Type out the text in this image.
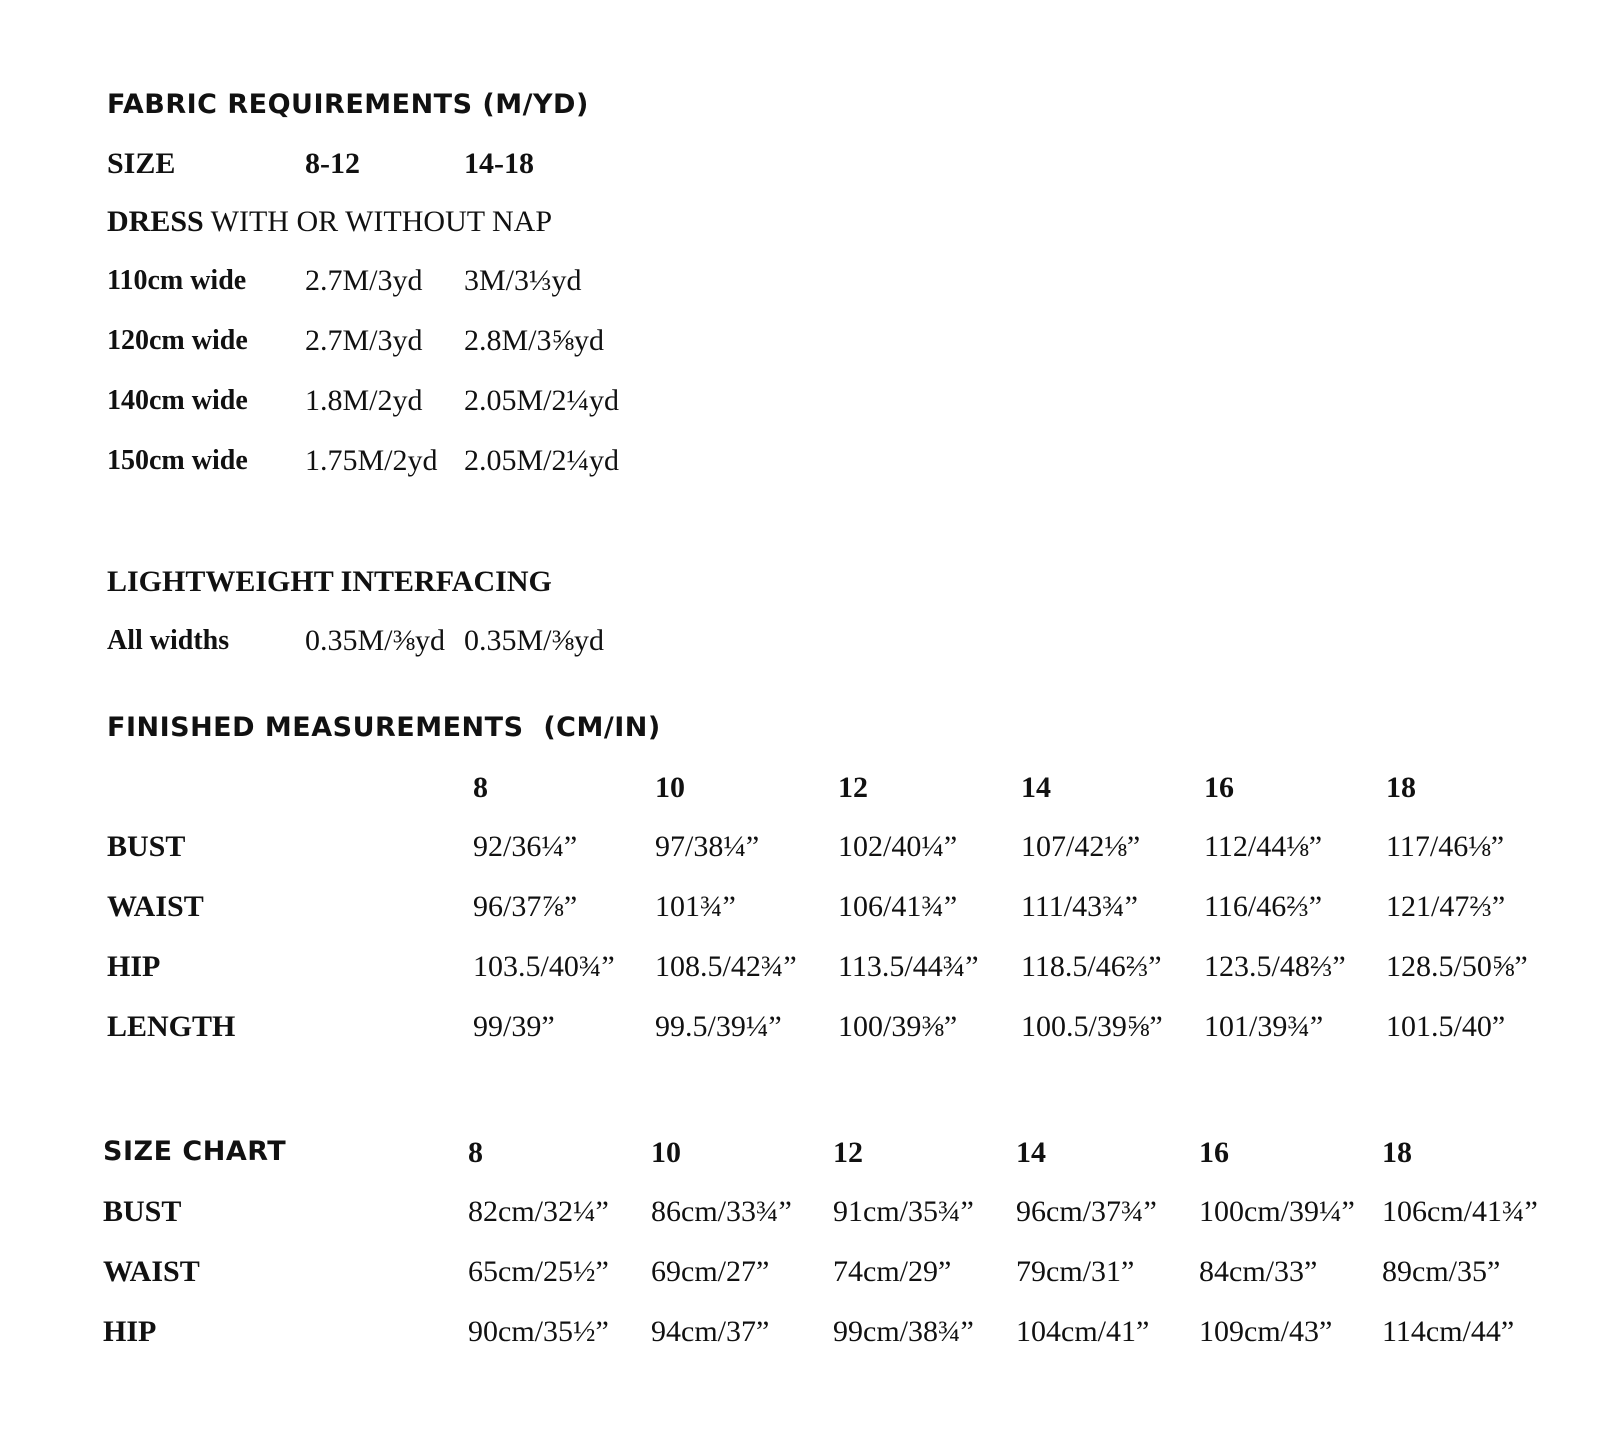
FABRIC REQUIREMENTS (M/YD)
SIZE	8-12	14-18
DRESS WITH OR WITHOUT NAP
110cm wide 2.7M/3yd 3M/3⅓yd
120cm wide 2.7M/3yd 2.8M/3⅝yd
140cm wide 1.8M/2yd 2.05M/2¼yd
150cm wide 1.75M/2yd 2.05M/2¼yd
LIGHTWEIGHT INTERFACING
All widths	0.35M/⅜yd 0.35M/⅜yd
FINISHED MEASUREMENTS  (CM/IN)
8	10	12	14	16	18
BUST	92/36¼”	97/38¼”	102/40¼” 107/42⅛” 112/44⅛” 117/46⅛”
WAIST	96/37⅞”	101¾”	106/41¾” 111/43¾” 116/46⅔” 121/47⅔”
HIP	103.5/40¾” 108.5/42¾” 113.5/44¾” 118.5/46⅔” 123.5/48⅔” 128.5/50⅝”
LENGTH	99/39”	99.5/39¼” 100/39⅜” 100.5/39⅝” 101/39¾” 101.5/40”
SIZE CHART	8	10	12	14	16	18
BUST	82cm/32¼” 86cm/33¾” 91cm/35¾” 96cm/37¾” 100cm/39¼” 106cm/41¾”
WAIST	65cm/25½” 69cm/27” 74cm/29” 79cm/31” 84cm/33” 89cm/35”
HIP	90cm/35½” 94cm/37” 99cm/38¾” 104cm/41” 109cm/43” 114cm/44”
